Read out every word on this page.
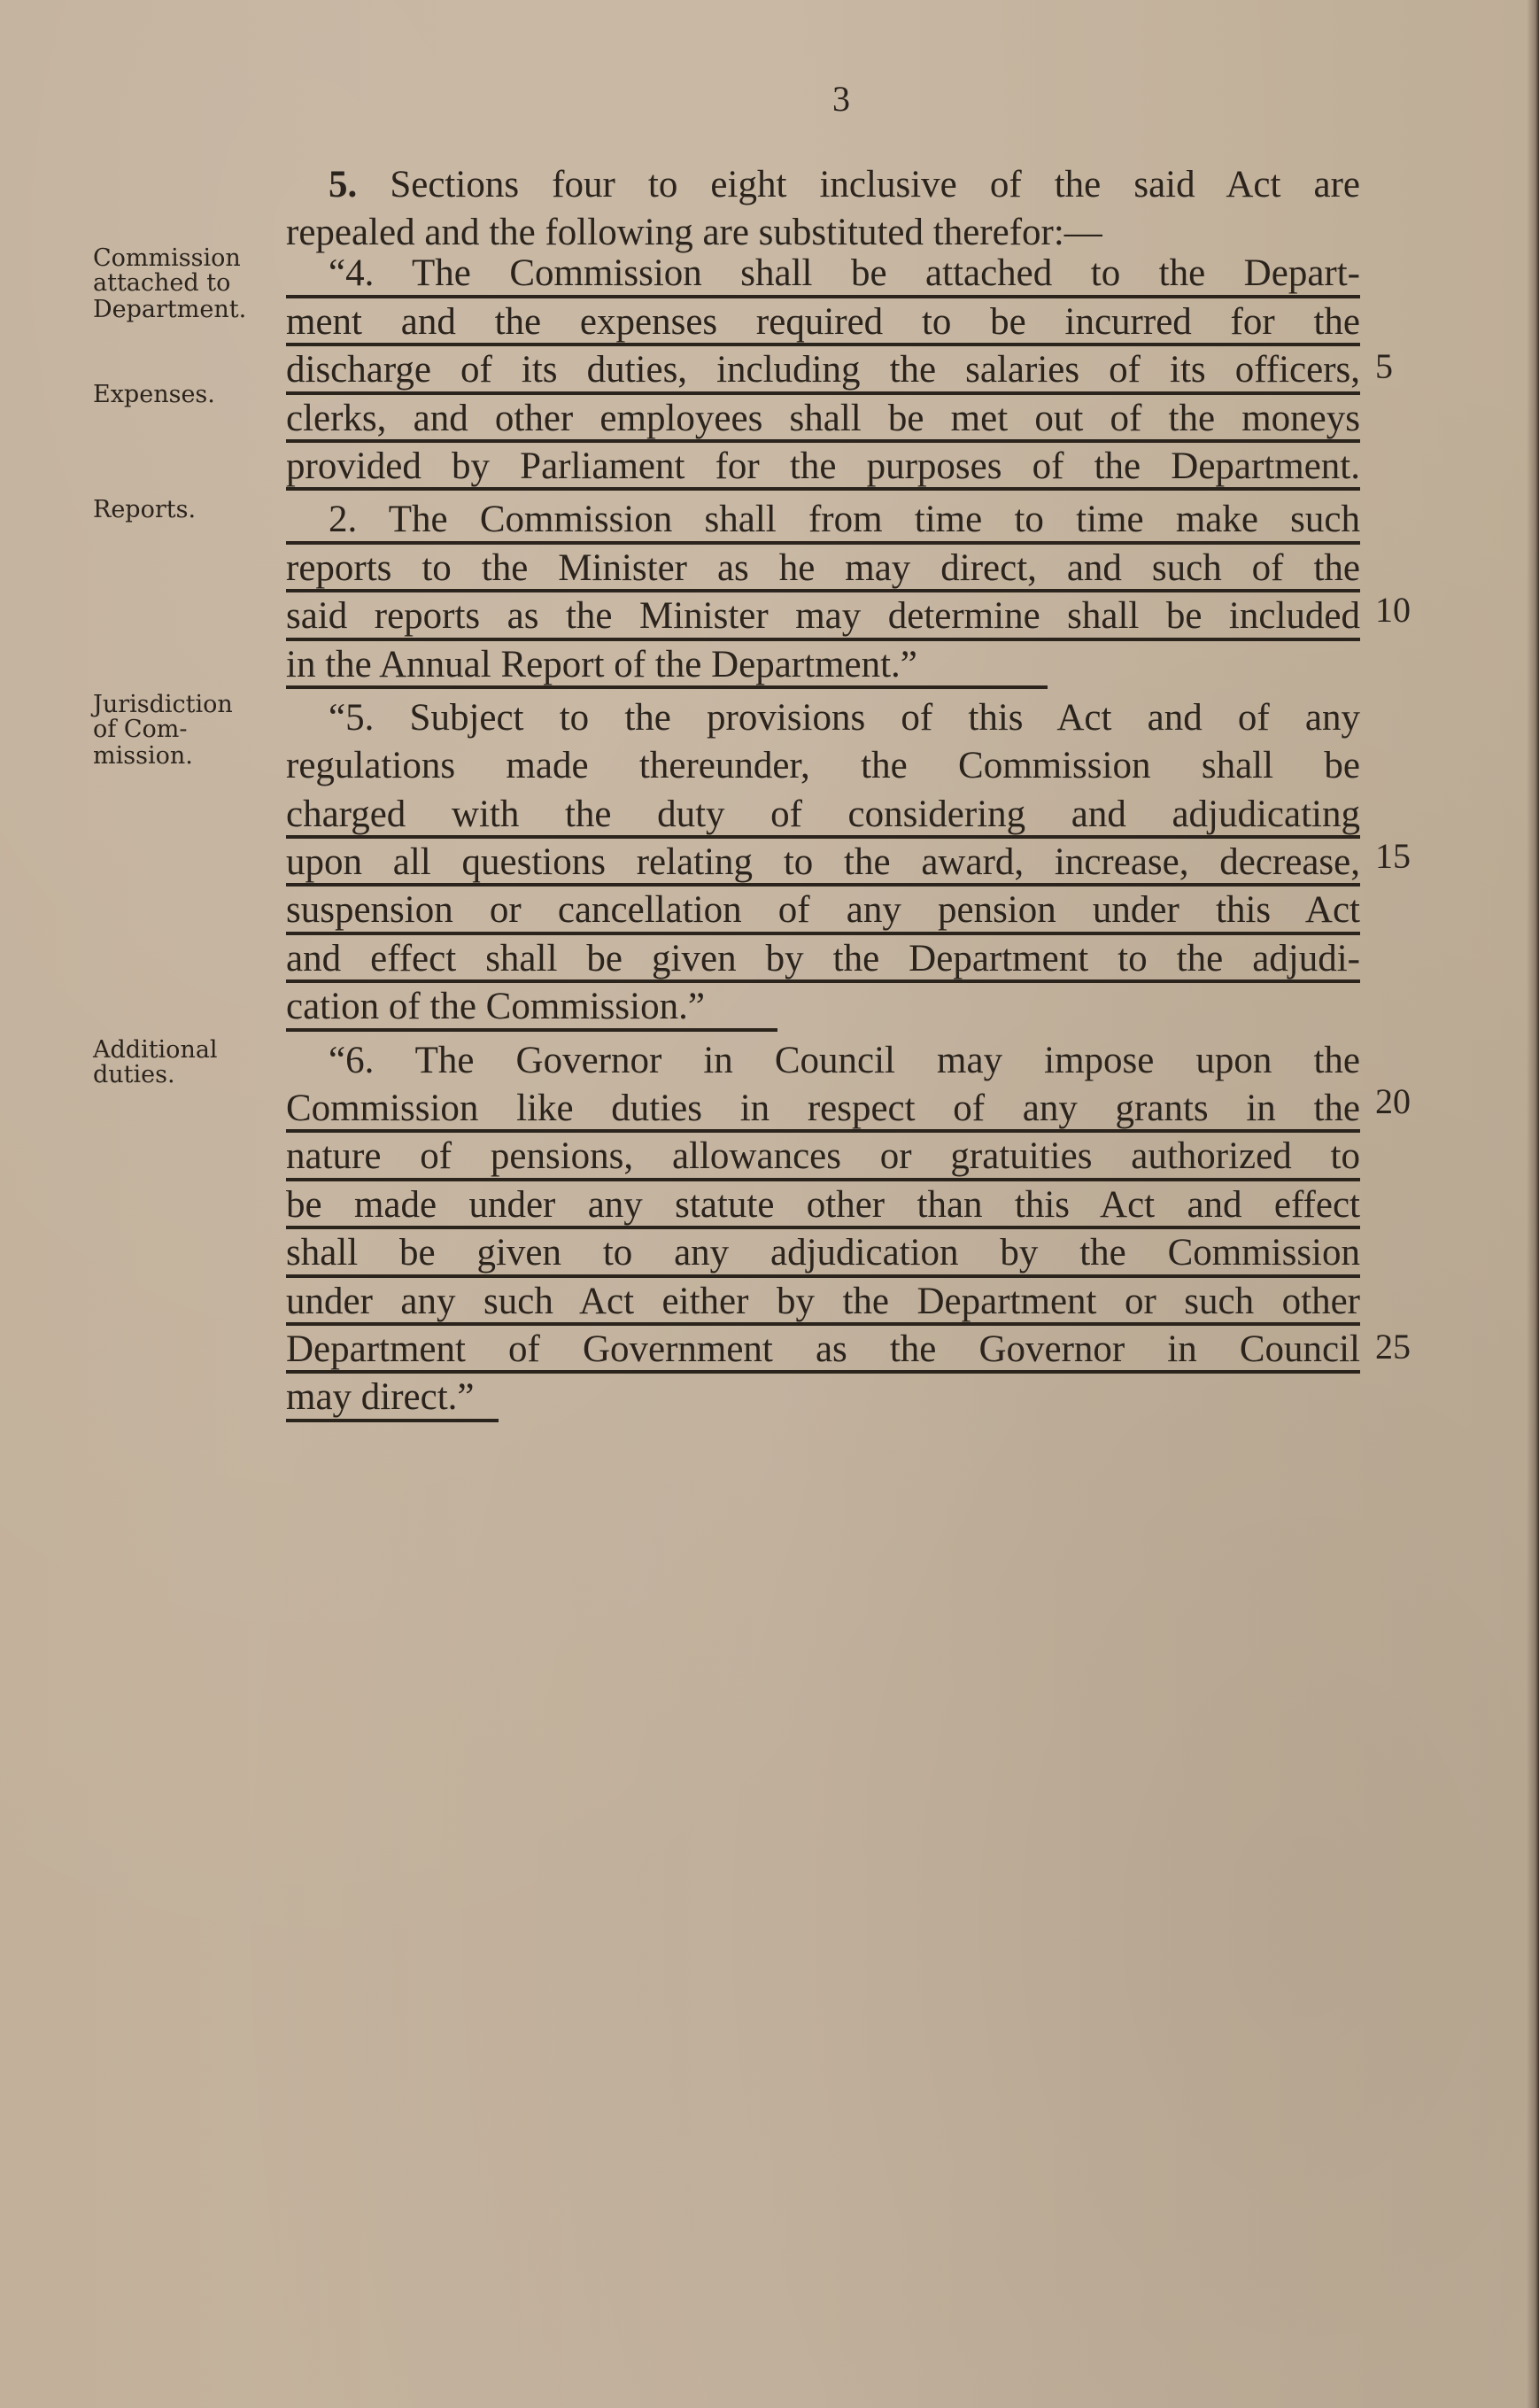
3
Commission
attached to
Department.
Expenses.
Reports.
Jurisdiction
of Com-
mission.
Additional
duties.
5
10
15
20
25
5. Sections four to eight inclusive of the said Act are
repealed and the following are substituted therefor:—
“4. The Commission shall be attached to the Depart-
ment and the expenses required to be incurred for the
discharge of its duties, including the salaries of its officers,
clerks, and other employees shall be met out of the moneys
provided by Parliament for the purposes of the Department.
2. The Commission shall from time to time make such
reports to the Minister as he may direct, and such of the
said reports as the Minister may determine shall be included
in the Annual Report of the Department.”
“5. Subject to the provisions of this Act and of any
regulations made thereunder, the Commission shall be
charged with the duty of considering and adjudicating
upon all questions relating to the award, increase, decrease,
suspension or cancellation of any pension under this Act
and effect shall be given by the Department to the adjudi-
cation of the Commission.”
“6. The Governor in Council may impose upon the
Commission like duties in respect of any grants in the
nature of pensions, allowances or gratuities authorized to
be made under any statute other than this Act and effect
shall be given to any adjudication by the Commission
under any such Act either by the Department or such other
Department of Government as the Governor in Council
may direct.”
